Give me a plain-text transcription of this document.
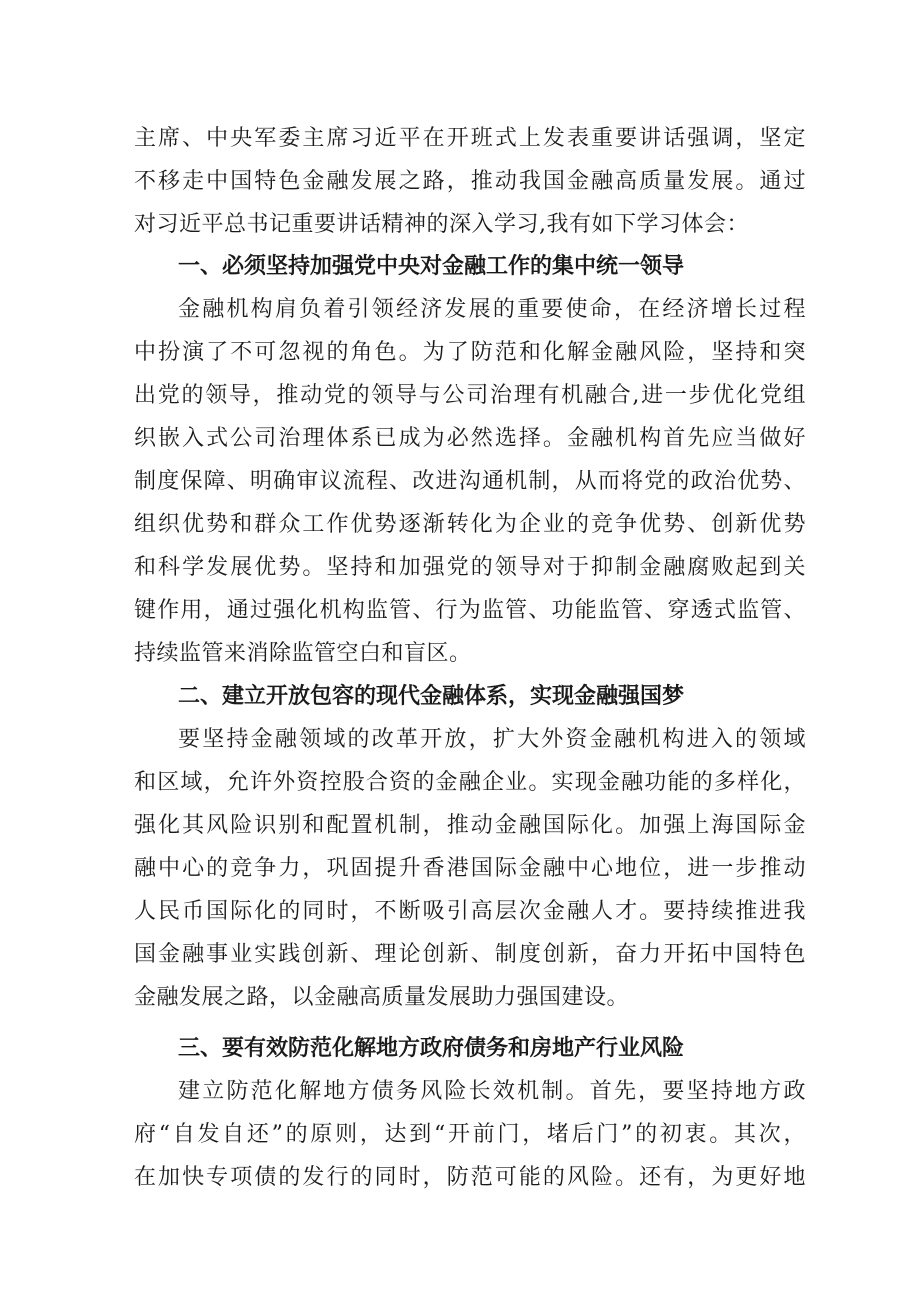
主席、中央军委主席习近平在开班式上发表重要讲话强调，坚定
不移走中国特色金融发展之路，推动我国金融高质量发展。通过
对习近平总书记重要讲话精神的深入学习,我有如下学习体会：
一、必须坚持加强党中央对金融工作的集中统一领导
金融机构肩负着引领经济发展的重要使命，在经济增长过程
中扮演了不可忽视的角色。为了防范和化解金融风险，坚持和突
出党的领导，推动党的领导与公司治理有机融合,进一步优化党组
织嵌入式公司治理体系已成为必然选择。金融机构首先应当做好
制度保障、明确审议流程、改进沟通机制，从而将党的政治优势、
组织优势和群众工作优势逐渐转化为企业的竞争优势、创新优势
和科学发展优势。坚持和加强党的领导对于抑制金融腐败起到关
键作用，通过强化机构监管、行为监管、功能监管、穿透式监管、
持续监管来消除监管空白和盲区。
二、建立开放包容的现代金融体系，实现金融强国梦
要坚持金融领域的改革开放，扩大外资金融机构进入的领域
和区域，允许外资控股合资的金融企业。实现金融功能的多样化，
强化其风险识别和配置机制，推动金融国际化。加强上海国际金
融中心的竞争力，巩固提升香港国际金融中心地位，进一步推动
人民币国际化的同时，不断吸引高层次金融人才。要持续推进我
国金融事业实践创新、理论创新、制度创新，奋力开拓中国特色
金融发展之路，以金融高质量发展助力强国建设。
三、要有效防范化解地方政府债务和房地产行业风险
建立防范化解地方债务风险长效机制。首先，要坚持地方政
府“自发自还”的原则，达到“开前门，堵后门”的初衷。其次，
在加快专项债的发行的同时，防范可能的风险。还有，为更好地
